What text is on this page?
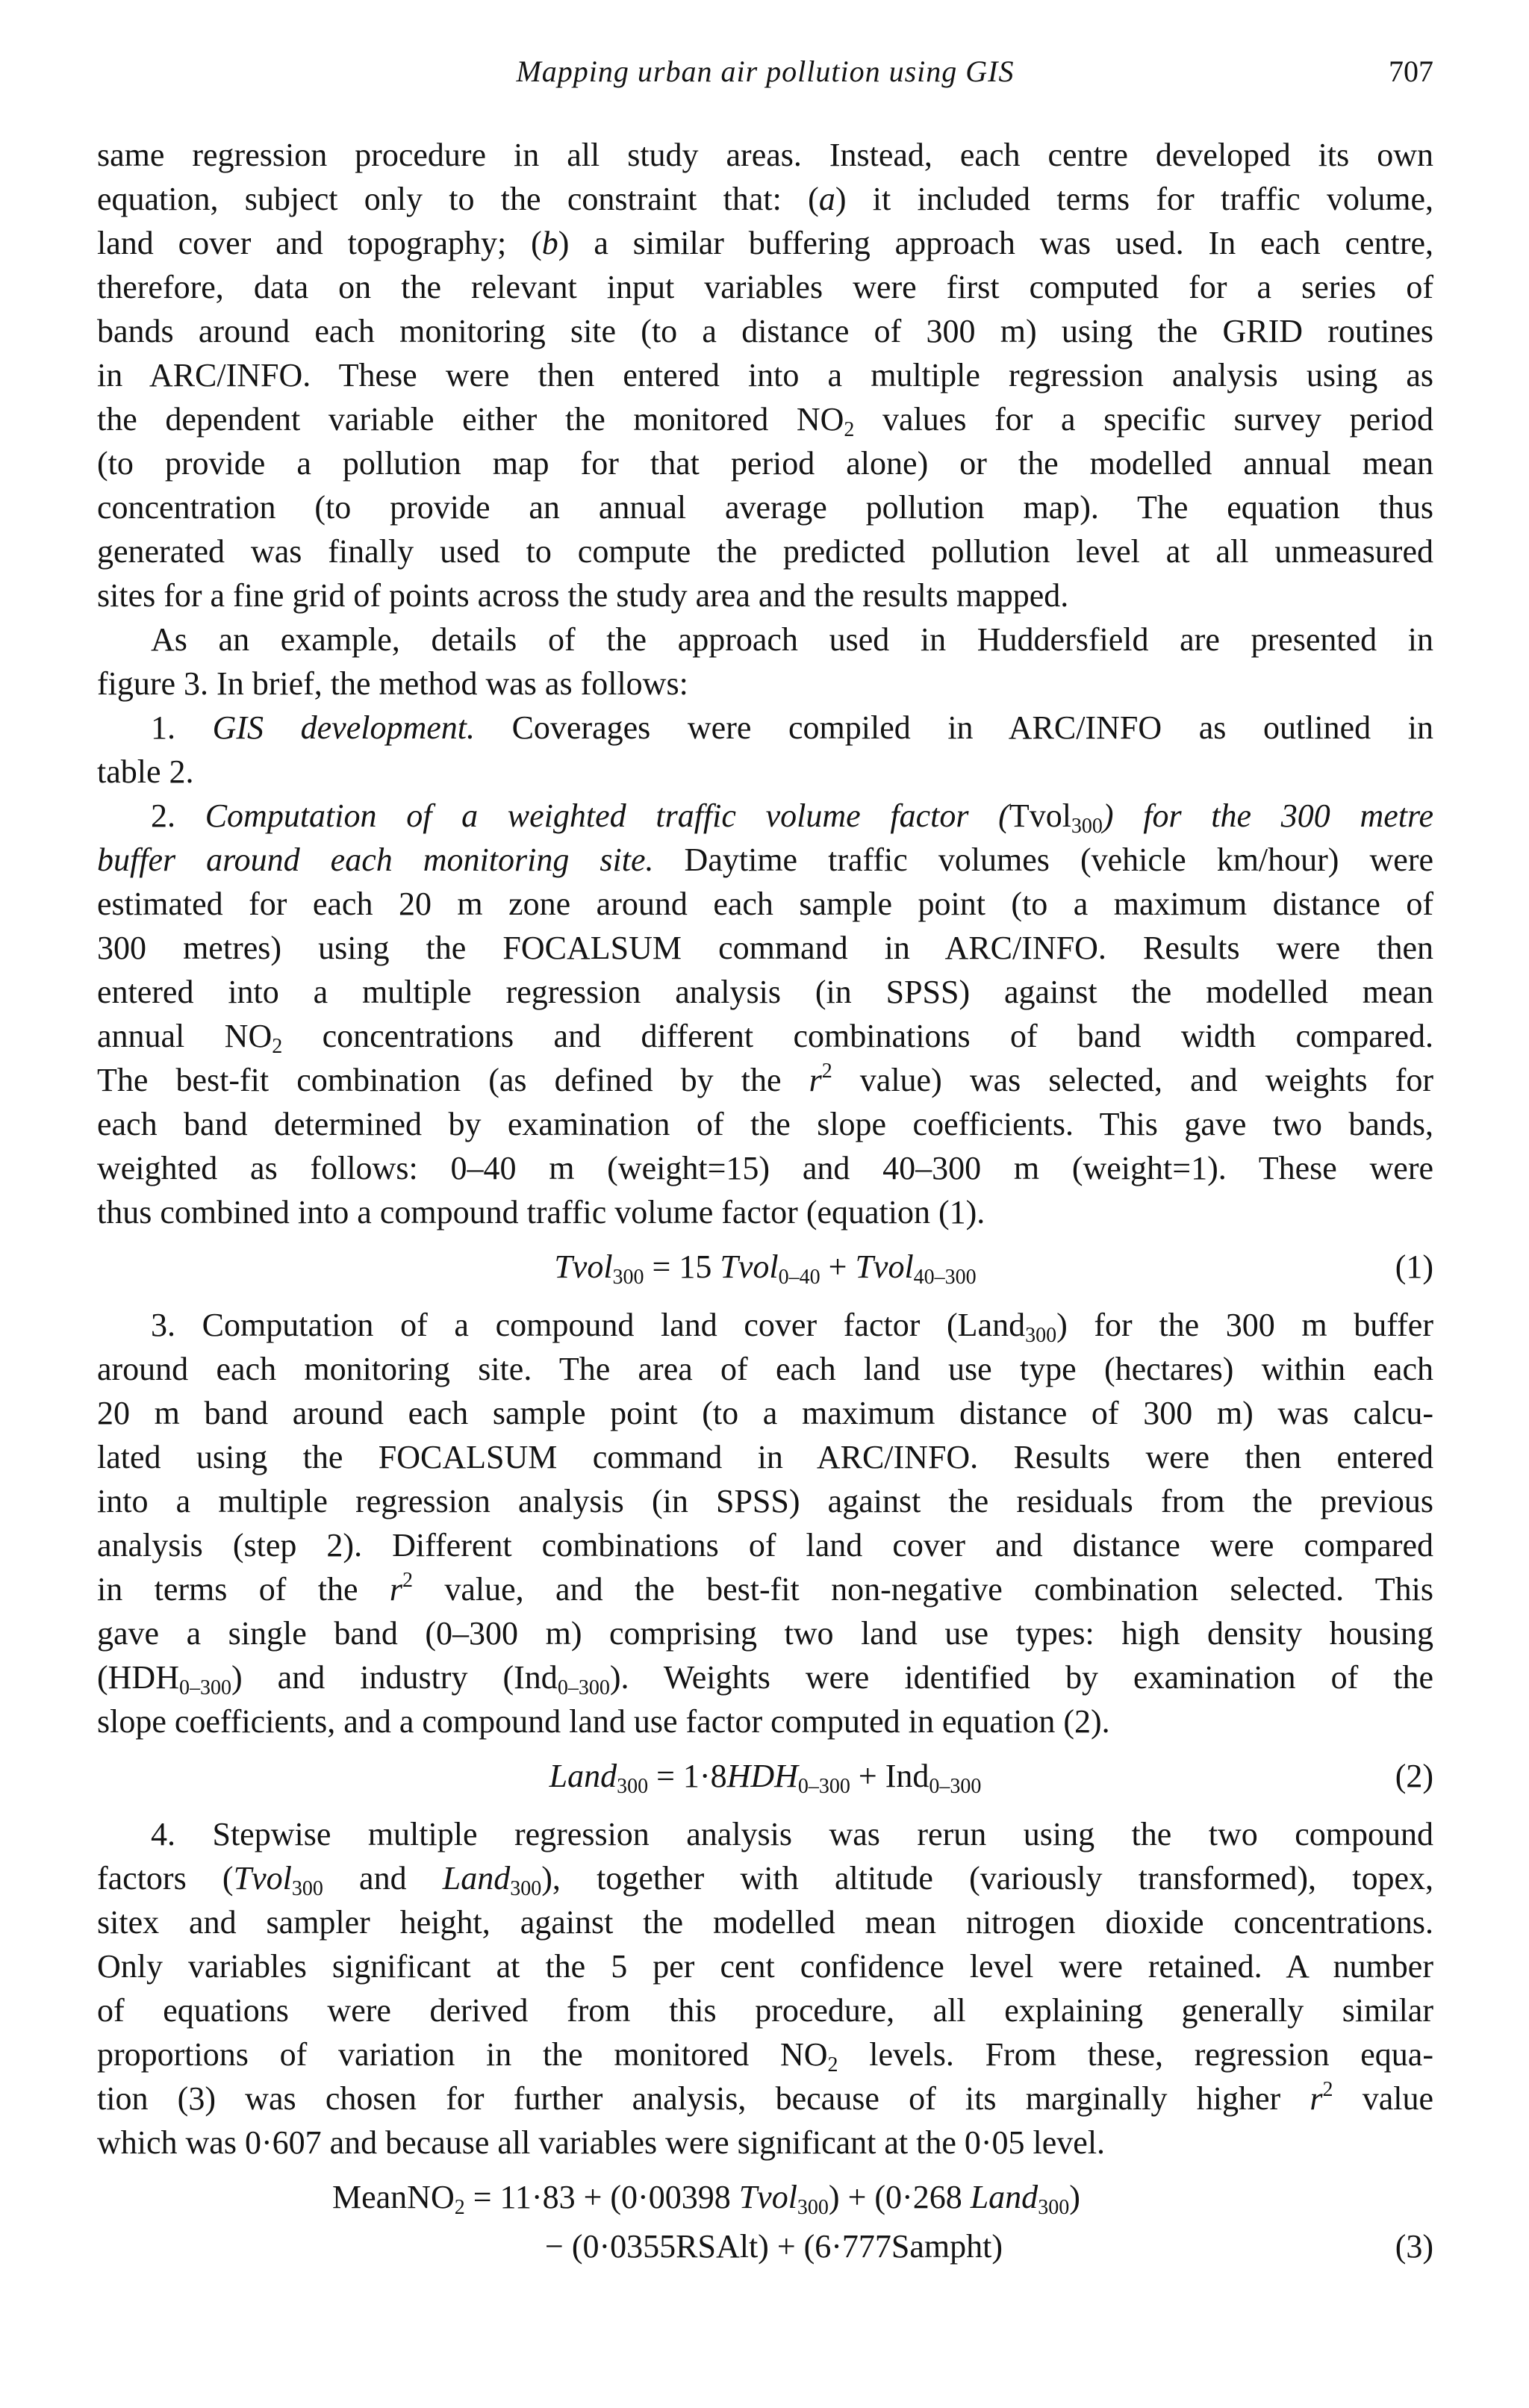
Mapping urban air pollution using GIS	707
same regression procedure in all study areas. Instead, each centre developed its own
equation, subject only to the constraint that: (a) it included terms for traffic volume,
land cover and topography; (b) a similar buffering approach was used. In each centre,
therefore, data on the relevant input variables were first computed for a series of
bands around each monitoring site (to a distance of 300 m) using the GRID routines
in ARC/INFO. These were then entered into a multiple regression analysis using as
the dependent variable either the monitored $NO_2$ values for a specific survey period
(to provide a pollution map for that period alone) or the modelled annual mean
concentration (to provide an annual average pollution map). The equation thus
generated was finally used to compute the predicted pollution level at all unmeasured
sites for a fine grid of points across the study area and the results mapped.
As an example, details of the approach used in Huddersfield are presented in
figure 3. In brief, the method was as follows:
1. GIS development. Coverages were compiled in ARC/INFO as outlined in
table 2.
2. Computation of a weighted traffic volume factor (Tvol$_{300}$) for the 300 metre
buffer around each monitoring site. Daytime traffic volumes (vehicle km/hour) were
estimated for each 20 m zone around each sample point (to a maximum distance of
300 metres) using the FOCALSUM command in ARC/INFO. Results were then
entered into a multiple regression analysis (in SPSS) against the modelled mean
annual $NO_2$ concentrations and different combinations of band width compared.
The best-fit combination (as defined by the $r^2$ value) was selected, and weights for
each band determined by examination of the slope coefficients. This gave two bands,
weighted as follows: 0–40 m (weight=15) and 40–300 m (weight=1). These were
thus combined into a compound traffic volume factor (equation (1).
Tvol$_{300}$ = 15 Tvol$_{0-40}$ + Tvol$_{40-300}$	(1)
3. Computation of a compound land cover factor (Land$_{300}$) for the 300 m buffer
around each monitoring site. The area of each land use type (hectares) within each
20 m band around each sample point (to a maximum distance of 300 m) was calcu-
lated using the FOCALSUM command in ARC/INFO. Results were then entered
into a multiple regression analysis (in SPSS) against the residuals from the previous
analysis (step 2). Different combinations of land cover and distance were compared
in terms of the $r^2$ value, and the best-fit non-negative combination selected. This
gave a single band (0–300 m) comprising two land use types: high density housing
$(HDH_{0-300})$ and industry (Ind$_{0-300}$). Weights were identified by examination of the
slope coefficients, and a compound land use factor computed in equation (2).
Land$_{300}$ = $1\cdot 8HDH_{0-300} + Ind_{0-300}$	(2)
4. Stepwise multiple regression analysis was rerun using the two compound
factors (Tvol$_{300}$ and Land$_{300}$), together with altitude (variously transformed), topex,
sitex and sampler height, against the modelled mean nitrogen dioxide concentrations.
Only variables significant at the 5 per cent confidence level were retained. A number
of equations were derived from this procedure, all explaining generally similar
proportions of variation in the monitored $NO_2$ levels. From these, regression equa-
tion (3) was chosen for further analysis, because of its marginally higher $r^2$ value
which was 0·607 and because all variables were significant at the 0·05 level.
MeanNO$_2$ = 11·83 + (0·00398 Tvol$_{300}$) + (0·268 Land$_{300}$)
− (0·0355RSAlt) + (6·777Sampht)	(3)
